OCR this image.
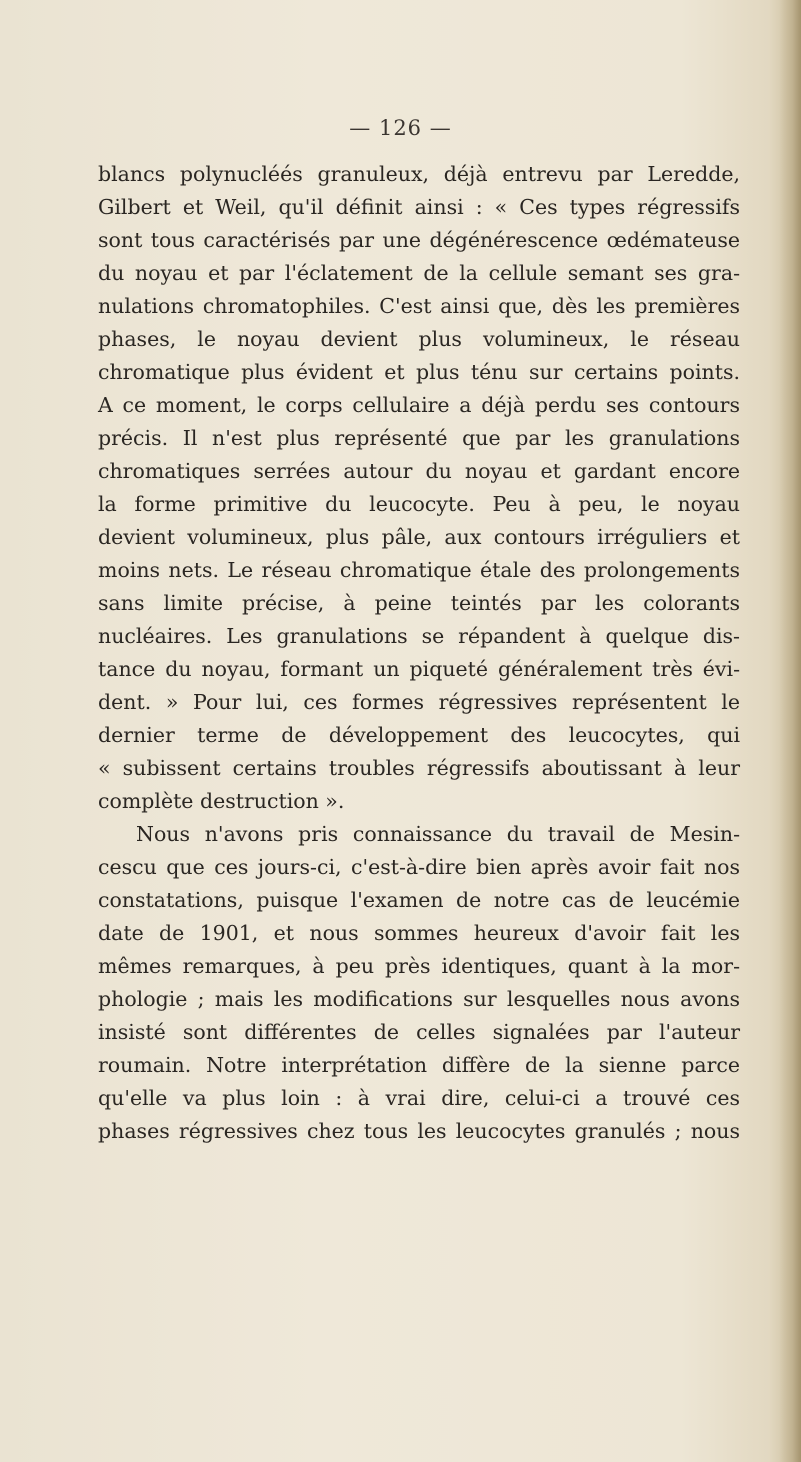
— 126 —
blancs polynucléés granuleux, déjà entrevu par Leredde,
Gilbert et Weil, qu'il définit ainsi : « Ces types régressifs
sont tous caractérisés par une dégénérescence œdémateuse
du noyau et par l'éclatement de la cellule semant ses gra-
nulations chromatophiles. C'est ainsi que, dès les premières
phases, le noyau devient plus volumineux, le réseau
chromatique plus évident et plus ténu sur certains points.
A ce moment, le corps cellulaire a déjà perdu ses contours
précis. Il n'est plus représenté que par les granulations
chromatiques serrées autour du noyau et gardant encore
la forme primitive du leucocyte. Peu à peu, le noyau
devient volumineux, plus pâle, aux contours irréguliers et
moins nets. Le réseau chromatique étale des prolongements
sans limite précise, à peine teintés par les colorants
nucléaires. Les granulations se répandent à quelque dis-
tance du noyau, formant un piqueté généralement très évi-
dent. » Pour lui, ces formes régressives représentent le
dernier terme de développement des leucocytes, qui
« subissent certains troubles régressifs aboutissant à leur
complète destruction ».
Nous n'avons pris connaissance du travail de Mesin-
cescu que ces jours-ci, c'est-à-dire bien après avoir fait nos
constatations, puisque l'examen de notre cas de leucémie
date de 1901, et nous sommes heureux d'avoir fait les
mêmes remarques, à peu près identiques, quant à la mor-
phologie ; mais les modifications sur lesquelles nous avons
insisté sont différentes de celles signalées par l'auteur
roumain. Notre interprétation diffère de la sienne parce
qu'elle va plus loin : à vrai dire, celui-ci a trouvé ces
phases régressives chez tous les leucocytes granulés ; nous
